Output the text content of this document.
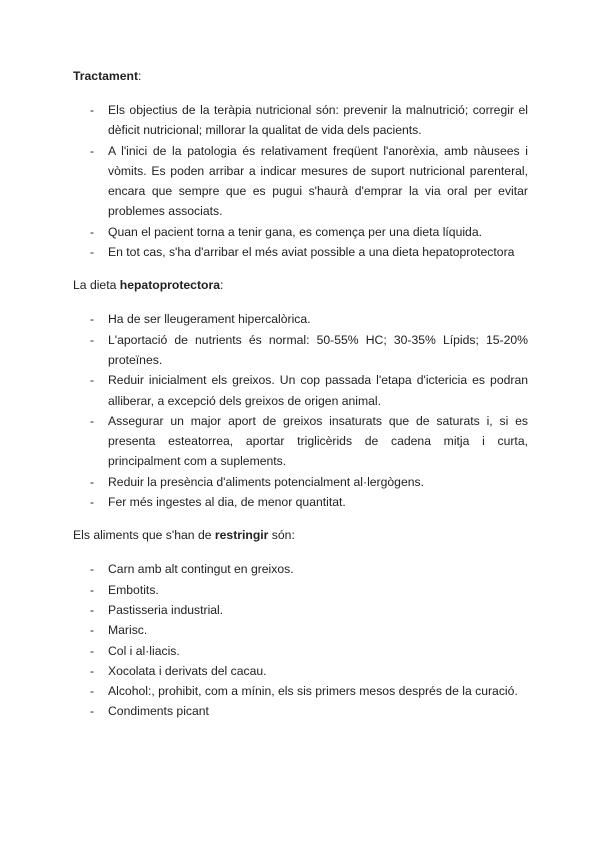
Tractament:

- Els objectius de la teràpia nutricional són: prevenir la malnutrició; corregir el dèficit nutricional; millorar la qualitat de vida dels pacients.
- A l'inici de la patologia és relativament freqüent l'anorèxia, amb nàusees i vòmits. Es poden arribar a indicar mesures de suport nutricional parenteral, encara que sempre que es pugui s'haurà d'emprar la via oral per evitar problemes associats.
- Quan el pacient torna a tenir gana, es comença per una dieta líquida.
- En tot cas, s'ha d'arribar el més aviat possible a una dieta hepatoprotectora

La dieta hepatoprotectora:

- Ha de ser lleugerament hipercalòrica.
- L'aportació de nutrients és normal: 50-55% HC; 30-35% Lípids; 15-20% proteïnes.
- Reduir inicialment els greixos. Un cop passada l'etapa d'ictericia es podran alliberar, a excepció dels greixos de origen animal.
- Assegurar un major aport de greixos insaturats que de saturats i, si es presenta esteatorrea, aportar triglicèrids de cadena mitja i curta, principalment com a suplements.
- Reduir la presència d'aliments potencialment al·lergògens.
- Fer més ingestes al dia, de menor quantitat.

Els aliments que s'han de restringir són:

- Carn amb alt contingut en greixos.
- Embotits.
- Pastisseria industrial.
- Marisc.
- Col i al·liacis.
- Xocolata i derivats del cacau.
- Alcohol:, prohibit, com a mínin, els sis primers mesos després de la curació.
- Condiments picant
